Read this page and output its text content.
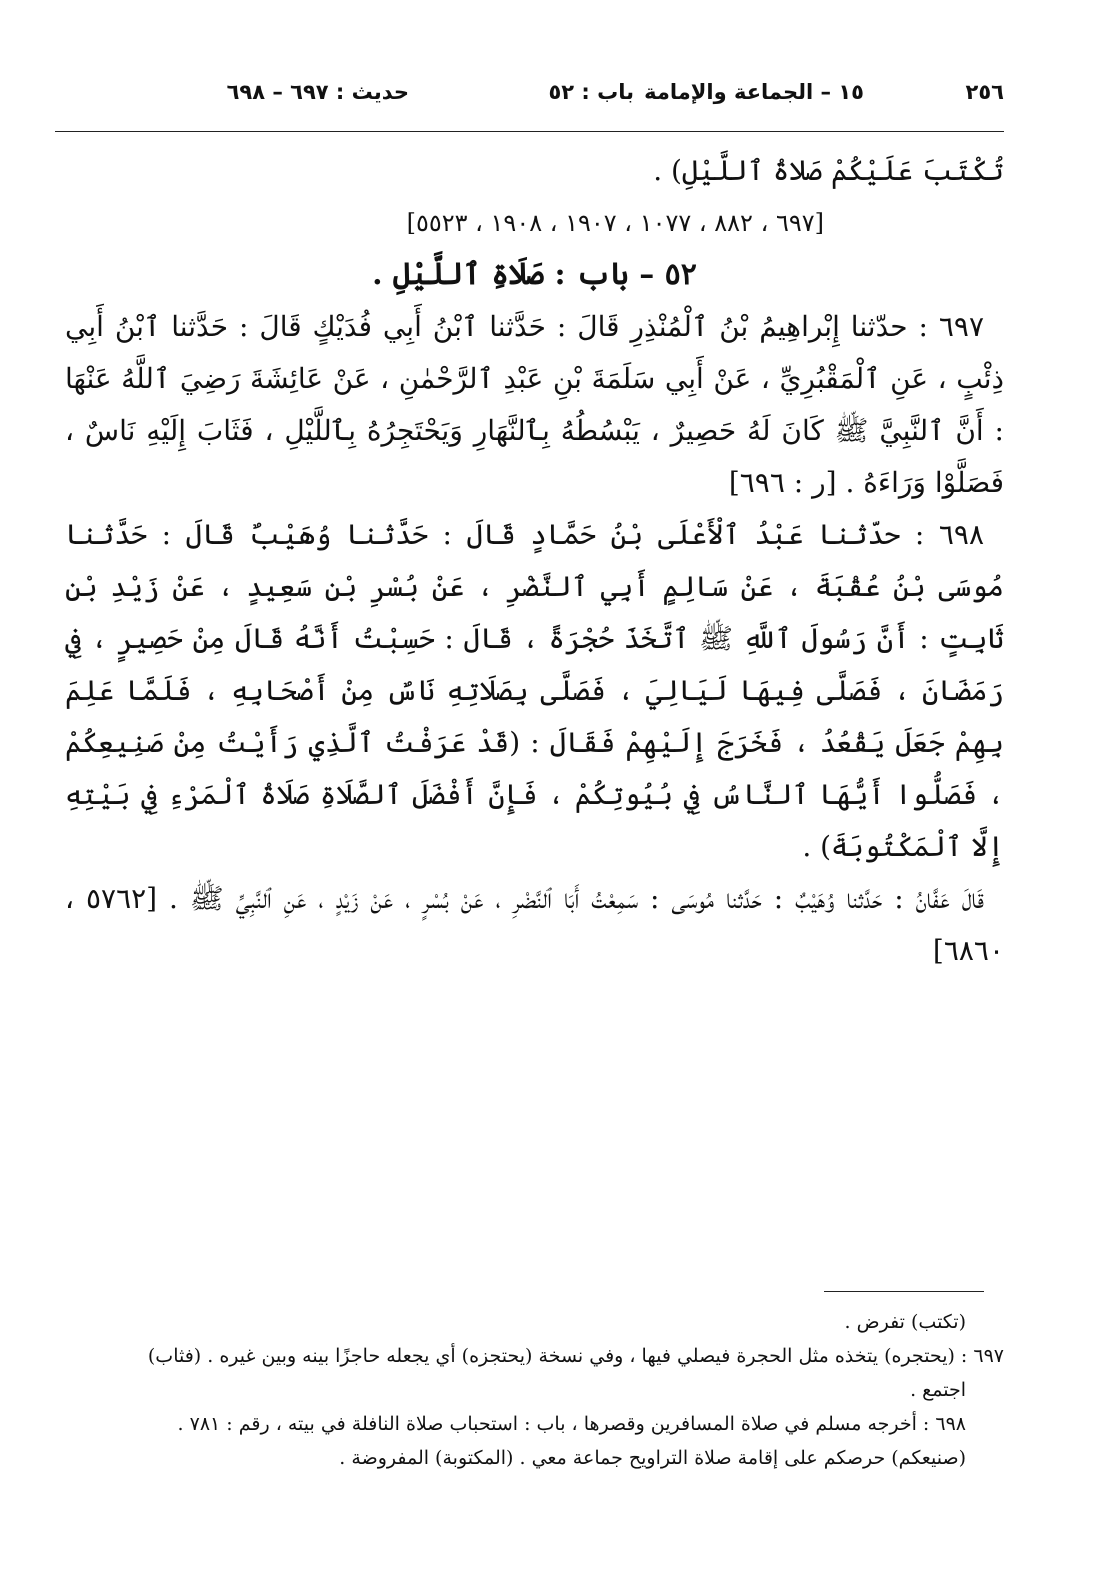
٢٥٦
١٥ – الجماعة والإمامة
باب : ٥٢
حديث : ٦٩٧ – ٦٩٨

تُكْتَبَ عَلَيْكُمْ صَلاةُ ٱللَّيْلِ) .

[٦٩٧ ، ٨٨٢ ، ١٠٧٧ ، ١٩٠٧ ، ١٩٠٨ ، ٥٥٢٣]

٥٢ – باب : صَلَاةِ ٱللَّيْلِ .

٦٩٧ : حدّثنا إِبْراهِيمُ بْنُ ٱلْمُنْذِرِ قَالَ : حَدَّثنا ٱبْنُ أَبِي فُدَيْكٍ قَالَ : حَدَّثنا ٱبْنُ أَبِي ذِئْبٍ ، عَنِ ٱلْمَقْبُرِيِّ ، عَنْ أَبِي سَلَمَةَ بْنِ عَبْدِ ٱلرَّحْمٰنِ ، عَنْ عَائِشَةَ رَضِيَ ٱللَّهُ عَنْهَا : أَنَّ ٱلنَّبِيَّ ﷺ كَانَ لَهُ حَصِيرٌ ، يَبْسُطُهُ بِٱلنَّهَارِ وَيَحْتَجِرُهُ بِٱللَّيْلِ ، فَثَابَ إِلَيْهِ نَاسٌ ، فَصَلَّوْا وَرَاءَهُ . [ر : ٦٩٦]

٦٩٨ : حدّثنا عَبْدُ ٱلْأَعْلَى بْنُ حَمَّادٍ قَالَ : حَدَّثنا وُهَيْبٌ قَالَ : حَدَّثنا مُوسَى بْنُ عُقْبَةَ ، عَنْ سَالِمٍ أَبِي ٱلنَّضْرِ ، عَنْ بُسْرِ بْنِ سَعِيدٍ ، عَنْ زَيْدِ بْنِ ثَابِتٍ : أَنَّ رَسُولَ ٱللَّهِ ﷺ ٱتَّخَذَ حُجْرَةً ، قَالَ : حَسِبْتُ أَنَّهُ قَالَ مِنْ حَصِيرٍ ، فِي رَمَضَانَ ، فَصَلَّى فِيهَا لَيَالِيَ ، فَصَلَّى بِصَلَاتِهِ نَاسٌ مِنْ أَصْحَابِهِ ، فَلَمَّا عَلِمَ بِهِمْ جَعَلَ يَقْعُدُ ، فَخَرَجَ إِلَيْهِمْ فَقَالَ : (قَدْ عَرَفْتُ ٱلَّذِي رَأَيْتُ مِنْ صَنِيعِكُمْ ، فَصَلُّوا أَيُّهَا ٱلنَّاسُ فِي بُيُوتِكُمْ ، فَإِنَّ أَفْضَلَ ٱلصَّلَاةِ صَلَاةُ ٱلْمَرْءِ فِي بَيْتِهِ إِلَّا ٱلْمَكْتُوبَةَ) .

قَالَ عَفَّانُ : حَدَّثنا وُهَيْبٌ : حَدَّثنا مُوسَى : سَمِعْتُ أَبَا ٱلنَّضْرِ ، عَنْ بُسْرٍ ، عَنْ زَيْدٍ ، عَنِ ٱلنَّبِيِّ ﷺ . [٥٧٦٢ ، ٦٨٦٠]

(تكتب) تفرض .

٦٩٧ : (يحتجره) يتخذه مثل الحجرة فيصلي فيها ، وفي نسخة (يحتجزه) أي يجعله حاجزًا بينه وبين غيره . (فثاب)

اجتمع .

٦٩٨ : أخرجه مسلم في صلاة المسافرين وقصرها ، باب : استحباب صلاة النافلة في بيته ، رقم : ٧٨١ .

(صنيعكم) حرصكم على إقامة صلاة التراويح جماعة معي . (المكتوبة) المفروضة .
